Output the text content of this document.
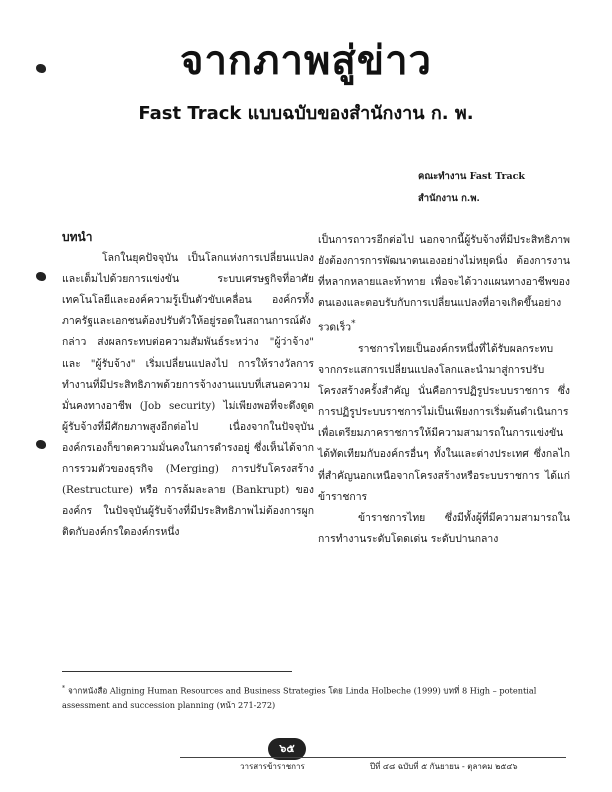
จากภาพสู่ข่าว
Fast Track แบบฉบับของสำนักงาน ก. พ.
คณะทำงาน Fast Track
สำนักงาน ก.พ.

บทนำ

โลกในยุคปัจจุบัน เป็นโลกแห่งการเปลี่ยนแปลงและเต็มไปด้วยการแข่งขัน ระบบเศรษฐกิจที่อาศัยเทคโนโลยีและองค์ความรู้เป็นตัวขับเคลื่อน องค์กรทั้งภาครัฐและเอกชนต้องปรับตัวให้อยู่รอดในสถานการณ์ดังกล่าว ส่งผลกระทบต่อความสัมพันธ์ระหว่าง "ผู้ว่าจ้าง" และ "ผู้รับจ้าง" เริ่มเปลี่ยนแปลงไป การให้รางวัลการทำงานที่มีประสิทธิภาพด้วยการจ้างงานแบบที่เสนอความมั่นคงทางอาชีพ (Job security) ไม่เพียงพอที่จะดึงดูดผู้รับจ้างที่มีศักยภาพสูงอีกต่อไป เนื่องจากในปัจจุบันองค์กรเองก็ขาดความมั่นคงในการดำรงอยู่ ซึ่งเห็นได้จากการรวมตัวของธุรกิจ (Merging) การปรับโครงสร้าง (Restructure) หรือ การล้มละลาย (Bankrupt) ขององค์กร ในปัจจุบันผู้รับจ้างที่มีประสิทธิภาพไม่ต้องการผูกติดกับองค์กรใดองค์กรหนึ่ง

เป็นการถาวรอีกต่อไป นอกจากนี้ผู้รับจ้างที่มีประสิทธิภาพยังต้องการการพัฒนาตนเองอย่างไม่หยุดนิ่ง ต้องการงานที่หลากหลายและท้าทาย เพื่อจะได้วางแผนทางอาชีพของตนเองและตอบรับกับการเปลี่ยนแปลงที่อาจเกิดขึ้นอย่างรวดเร็ว*

ราชการไทยเป็นองค์กรหนึ่งที่ได้รับผลกระทบจากกระแสการเปลี่ยนแปลงโลกและนำมาสู่การปรับโครงสร้างครั้งสำคัญ นั่นคือการปฏิรูประบบราชการ ซึ่งการปฏิรูประบบราชการไม่เป็นเพียงการเริ่มต้นดำเนินการ เพื่อเตรียมภาคราชการให้มีความสามารถในการแข่งขันได้ทัดเทียมกับองค์กรอื่นๆ ทั้งในและต่างประเทศ ซึ่งกลไกที่สำคัญนอกเหนือจากโครงสร้างหรือระบบราชการ ได้แก่ ข้าราชการ

ข้าราชการไทย ซึ่งมีทั้งผู้ที่มีความสามารถในการทำงานระดับโดดเด่น ระดับปานกลาง

* จากหนังสือ Aligning Human Resources and Business Strategies โดย Linda Holbeche (1999) บทที่ 8 High – potential assessment and succession planning (หน้า 271-272)
๖๕
วารสารข้าราชการ	ปีที่ ๔๘ ฉบับที่ ๕ กันยายน - ตุลาคม ๒๕๔๖
